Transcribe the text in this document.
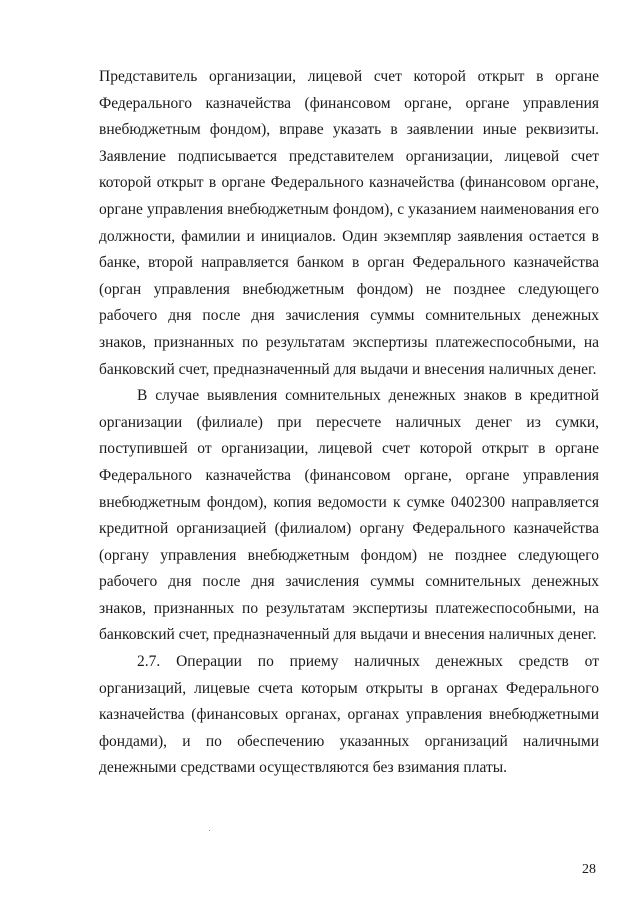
Представитель организации, лицевой счет которой открыт в органе Федерального казначейства (финансовом органе, органе управления внебюджетным фондом), вправе указать в заявлении иные реквизиты. Заявление подписывается представителем организации, лицевой счет которой открыт в органе Федерального казначейства (финансовом органе, органе управления внебюджетным фондом), с указанием наименования его должности, фамилии и инициалов. Один экземпляр заявления остается в банке, второй направляется банком в орган Федерального казначейства (орган управления внебюджетным фондом) не позднее следующего рабочего дня после дня зачисления суммы сомнительных денежных знаков, признанных по результатам экспертизы платежеспособными, на банковский счет, предназначенный для выдачи и внесения наличных денег.

В случае выявления сомнительных денежных знаков в кредитной организации (филиале) при пересчете наличных денег из сумки, поступившей от организации, лицевой счет которой открыт в органе Федерального казначейства (финансовом органе, органе управления внебюджетным фондом), копия ведомости к сумке 0402300 направляется кредитной организацией (филиалом) органу Федерального казначейства (органу управления внебюджетным фондом) не позднее следующего рабочего дня после дня зачисления суммы сомнительных денежных знаков, признанных по результатам экспертизы платежеспособными, на банковский счет, предназначенный для выдачи и внесения наличных денег.

2.7. Операции по приему наличных денежных средств от организаций, лицевые счета которым открыты в органах Федерального казначейства (финансовых органах, органах управления внебюджетными фондами), и по обеспечению указанных организаций наличными денежными средствами осуществляются без взимания платы.

28
